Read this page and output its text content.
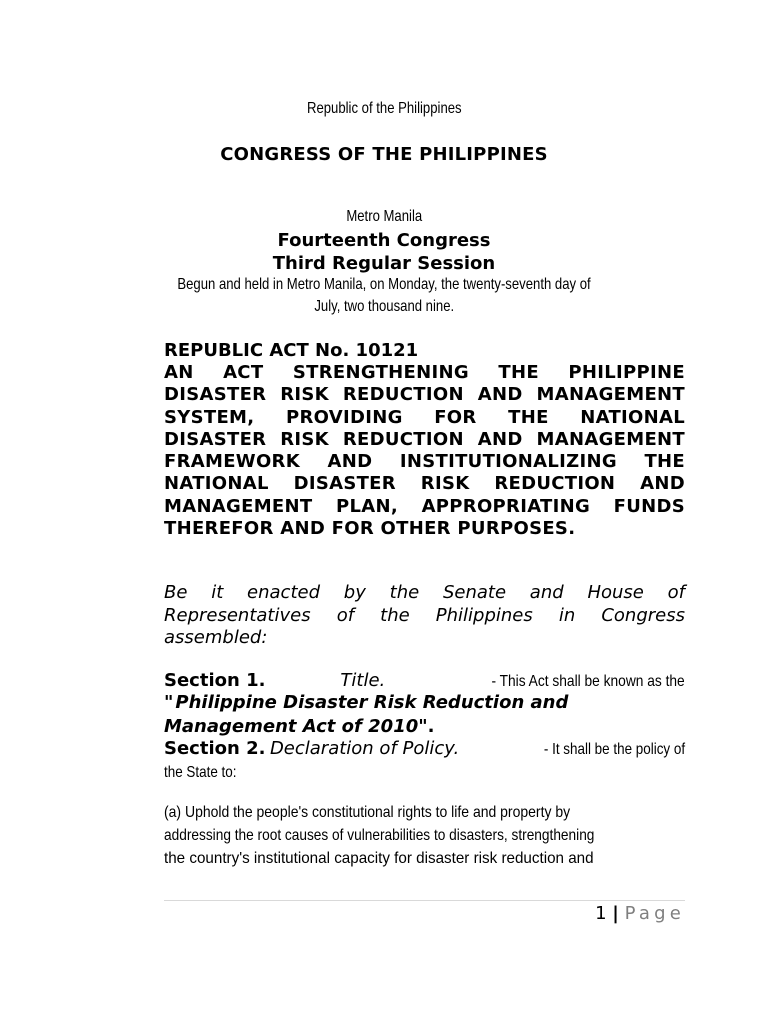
Republic of the Philippines
CONGRESS OF THE PHILIPPINES
Metro Manila
Fourteenth Congress
Third Regular Session
Begun and held in Metro Manila, on Monday, the twenty-seventh day of
July, two thousand nine.
REPUBLIC ACT No. 10121
AN ACT STRENGTHENING THE PHILIPPINE DISASTER RISK REDUCTION AND MANAGEMENT SYSTEM, PROVIDING FOR THE NATIONAL DISASTER RISK REDUCTION AND MANAGEMENT FRAMEWORK AND INSTITUTIONALIZING THE NATIONAL DISASTER RISK REDUCTION AND MANAGEMENT PLAN, APPROPRIATING FUNDS THEREFOR AND FOR OTHER PURPOSES.
Be it enacted by the Senate and House of Representatives of the Philippines in Congress assembled:
Section 1.	Title.	- This Act shall be known as the
" Philippine Disaster Risk Reduction and
Management Act of 2010".
Section 2. Declaration of Policy.	- It shall be the policy of
the State to:
(a) Uphold the people's constitutional rights to life and property by
addressing the root causes of vulnerabilities to disasters, strengthening
the country's institutional capacity for disaster risk reduction and
1 | Page
